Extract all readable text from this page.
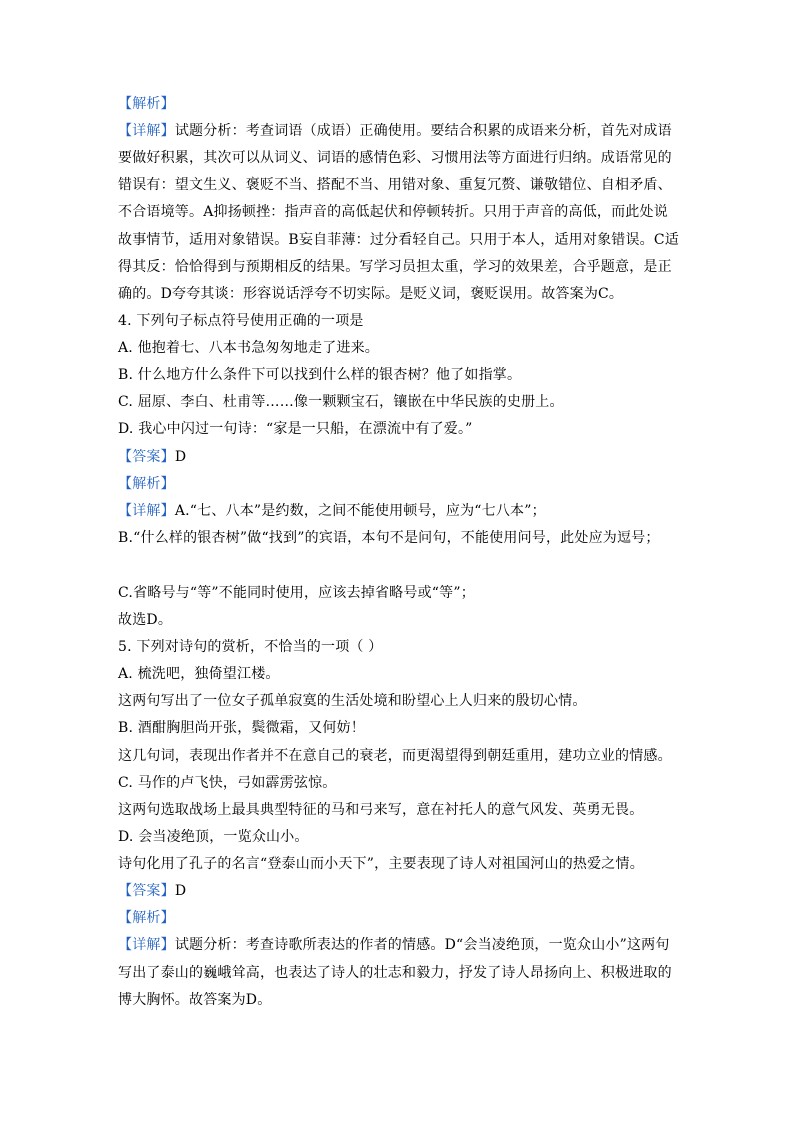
【解析】
【详解】试题分析：考查词语（成语）正确使用。要结合积累的成语来分析，首先对成语
要做好积累，其次可以从词义、词语的感情色彩、习惯用法等方面进行归纳。成语常见的
错误有：望文生义、褒贬不当、搭配不当、用错对象、重复冗赘、谦敬错位、自相矛盾、
不合语境等。A抑扬顿挫：指声音的高低起伏和停顿转折。只用于声音的高低，而此处说
故事情节，适用对象错误。B妄自菲薄：过分看轻自己。只用于本人，适用对象错误。C适
得其反：恰恰得到与预期相反的结果。写学习员担太重，学习的效果差，合乎题意，是正
确的。D夸夸其谈：形容说话浮夸不切实际。是贬义词，褒贬误用。故答案为C。
4. 下列句子标点符号使用正确的一项是
A. 他抱着七、八本书急匆匆地走了进来。
B. 什么地方什么条件下可以找到什么样的银杏树？他了如指掌。
C. 屈原、李白、杜甫等……像一颗颗宝石，镶嵌在中华民族的史册上。
D. 我心中闪过一句诗：“家是一只船，在漂流中有了爱。”
【答案】D
【解析】
【详解】A.“七、八本”是约数，之间不能使用顿号，应为“七八本”；
B.“什么样的银杏树”做“找到”的宾语，本句不是问句，不能使用问号，此处应为逗号；
C.省略号与“等”不能同时使用，应该去掉省略号或“等”；
故选D。
5. 下列对诗句的赏析，不恰当的一项（ ）
A. 梳洗吧，独倚望江楼。
这两句写出了一位女子孤单寂寞的生活处境和盼望心上人归来的殷切心情。
B. 酒酣胸胆尚开张，鬓微霜，又何妨！
这几句词，表现出作者并不在意自己的衰老，而更渴望得到朝廷重用，建功立业的情感。
C. 马作的卢飞快，弓如霹雳弦惊。
这两句选取战场上最具典型特征的马和弓来写，意在衬托人的意气风发、英勇无畏。
D. 会当凌绝顶，一览众山小。
诗句化用了孔子的名言“登泰山而小天下”，主要表现了诗人对祖国河山的热爱之情。
【答案】D
【解析】
【详解】试题分析：考查诗歌所表达的作者的情感。D“会当凌绝顶，一览众山小”这两句
写出了泰山的巍峨耸高，也表达了诗人的壮志和毅力，抒发了诗人昂扬向上、积极进取的
博大胸怀。故答案为D。
